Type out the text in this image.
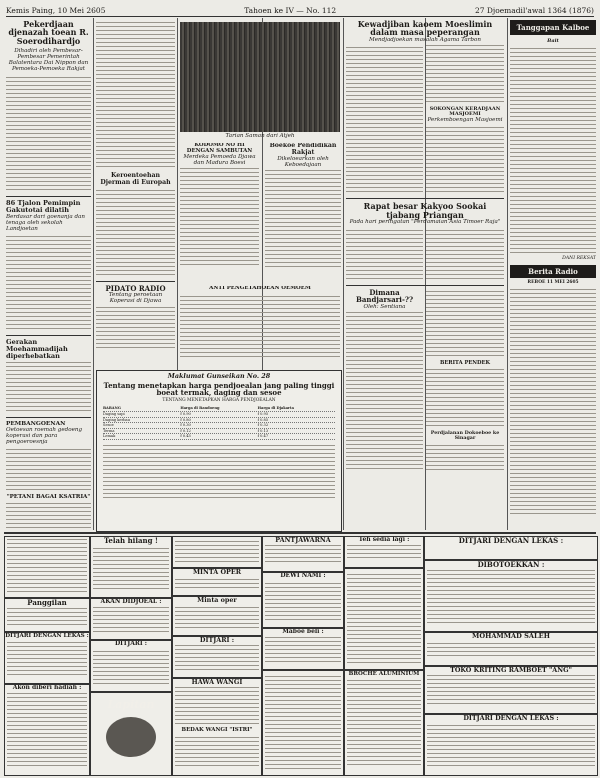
Kemis Paing, 10 Mei 2605	Tahoen ke IV — No. 112	27 Djoemadil'awal 1364 (1876)
Pekerdjaan djenazah toean R. Soerodihardjo
Dihadiri oleh Pembesar-Pembesar Pemerintah Balatentara Dai Nippon dan Pemoeka-Pemoeka Rakjat
86 Tjalon Pemimpin Gakutotai dilatih
Berdasar dari goenanja dan tenaga oleh sekolah Landjoetan
Gerakan Moehammadijah diperhebatkan
PEMBANGOENAN
Oetoesan roemah gedoeng koperasi dan para pengoeroesnja
"PETANI BAGAI KSATRIA"
Keroentoehan Djerman di Europah
PIDATO RADIO
Tentang peroetaan Koperasi di Djawa
Tarian Saman dari Atjeh
KODOMO NO HI DENGAN SAMBUTAN
Merdeka Pemoeda Djawa dan Madura Boesi
Boekoe Pendidikan Rakjat
Dikeloearkan oleh Keboedajaan
ANTI PENGETAHOEAN OEMOEM
Maklumat Gunseikan No. 28
Tentang menetapkan harga pendjoealan jang paling tinggi boeat termak, daging dan sesoe
TENTANG MENETAPKAN HARGA PENDJOEALAN
BARANG	Harga di Bandoeng	Harga di Djakarta
Daging sapi	f 0.90	f 0.95
Daging kerbau	f 0.80	f 0.85
Sesoe	f 0.30	f 0.32
Terma	f 0.12	f 0.13
Lemak	f 0.45	f 0.47
Kewadjiban kaoem Moeslimin dalam masa peperangan
Mendjadjoekan masalah Agama Tarbon
SOKONGAN KERADJAAN MASJOEMI
Perkemboengan Masjoemi
Rapat besar Kakyoo Sookai tjabang Priangan
Pada hari peringatan "Perdamaian Asia Timoer Raja"
Dimana Bandjarsari-??
Oleh: Sentiana
BERITA PENDEK
Perdjalanan Dokoeboe ke Sinagar
Tanggapan Kalboe
Bait
DANI REKSAT
Berita Radio
REBOE 11 MEI 2605
Panggilan
DITJARI DENGAN LEKAS :
Akon diberi hadiah :
Telah hilang !
AKAN DIDJOEAL :
DITJARI :
Lapitan
MINTA OPER
Minta oper
DITJARI :
HAWA WANGI
BEDAK WANGI "ISTRI"
PANTJAWARNA
DEWI NAMI :
Maboe beli :
Teh sedia lagi :
BROCHE ALUMINIUM
DITJARI DENGAN LEKAS :
DIBOTOEKKAN :
MOHAMMAD SALEH
TOKO KRITING RAMBOET "ANG"
DITJARI DENGAN LEKAS :
